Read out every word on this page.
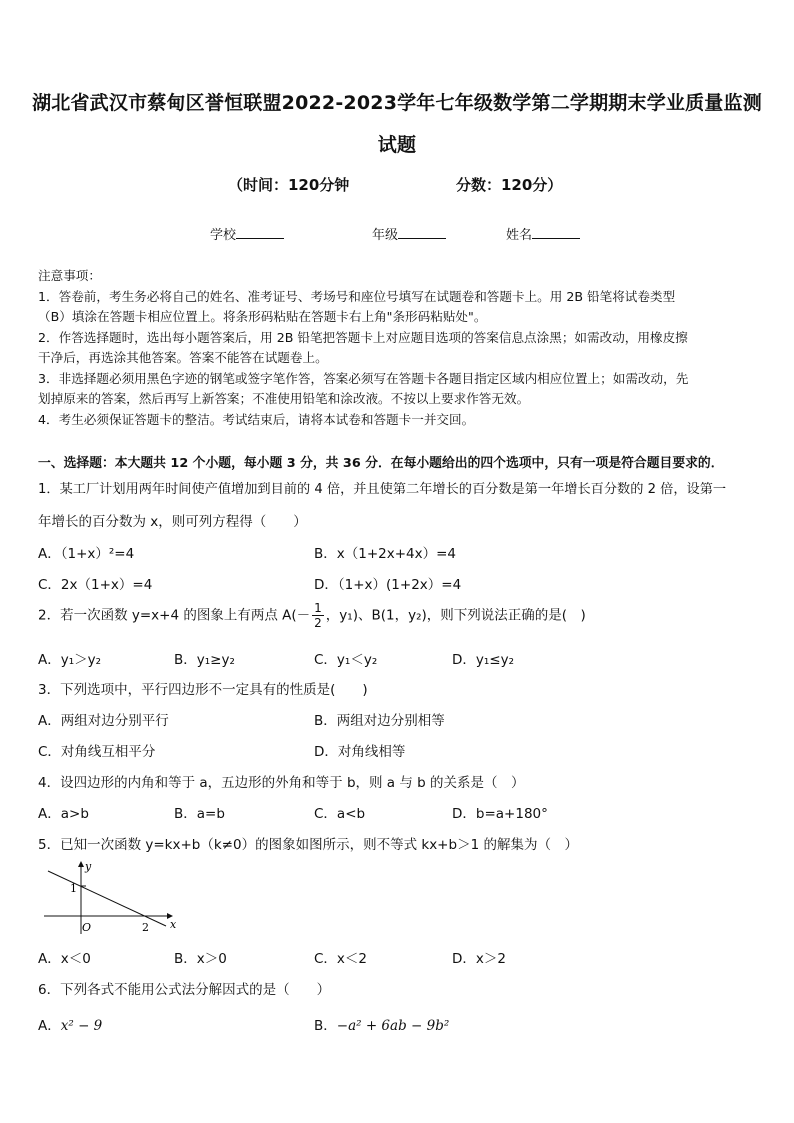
湖北省武汉市蔡甸区誉恒联盟2022-2023学年七年级数学第二学期期末学业质量监测
试题
（时间：120分钟	分数：120分）
学校	年级	姓名

注意事项：

1．答卷前，考生务必将自己的姓名、准考证号、考场号和座位号填写在试题卷和答题卡上。用 2B 铅笔将试卷类型

（B）填涂在答题卡相应位置上。将条形码粘贴在答题卡右上角"条形码粘贴处"。

2．作答选择题时，选出每小题答案后，用 2B 铅笔把答题卡上对应题目选项的答案信息点涂黑；如需改动，用橡皮擦

干净后，再选涂其他答案。答案不能答在试题卷上。

3．非选择题必须用黑色字迹的钢笔或签字笔作答，答案必须写在答题卡各题目指定区域内相应位置上；如需改动，先

划掉原来的答案，然后再写上新答案；不准使用铅笔和涂改液。不按以上要求作答无效。

4．考生必须保证答题卡的整洁。考试结束后，请将本试卷和答题卡一并交回。

一、选择题：本大题共 12 个小题，每小题 3 分，共 36 分．在每小题给出的四个选项中，只有一项是符合题目要求的．
1．某工厂计划用两年时间使产值增加到目前的 4 倍，并且使第二年增长的百分数是第一年增长百分数的 2 倍，设第一
年增长的百分数为 x，则可列方程得（　　）
A．（1+x）²=4	B．x（1+2x+4x）=4
C．2x（1+x）=4	D．（1+x）(1+2x）=4
2．若一次函数 y=x+4 的图象上有两点 $A(- \frac{1}{2}$ ，y₁)、B(1，y₂)，则下列说法正确的是(　)
A．y₁＞y₂	B．y₁≥y₂	C．y₁＜y₂	D．y₁≤y₂
3．下列选项中，平行四边形不一定具有的性质是(　　)
A．两组对边分别平行	B．两组对边分别相等
C．对角线互相平分	D．对角线相等
4．设四边形的内角和等于 a，五边形的外角和等于 b，则 a 与 b 的关系是（　）
A．a>b	B．a=b	C．a<b	D．b=a+180°
5．已知一次函数 y=kx+b（k≠0）的图象如图所示，则不等式 kx+b＞1 的解集为（　）
y
x
O
1
2
A．x＜0	B．x＞0	C．x＜2	D．x＞2
6．下列各式不能用公式法分解因式的是（　　）
A．x² − 9	B．−a² + 6ab − 9b²
